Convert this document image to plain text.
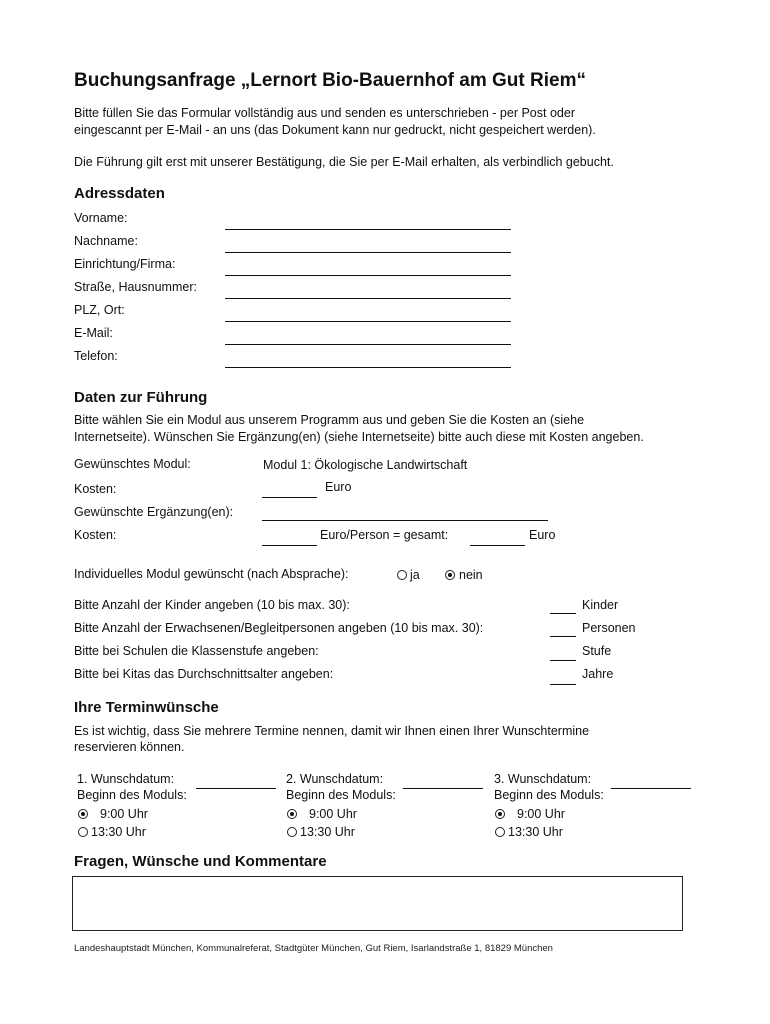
Buchungsanfrage „Lernort Bio-Bauernhof am Gut Riem“
Bitte füllen Sie das Formular vollständig aus und senden es unterschrieben - per Post oder
eingescannt per E-Mail - an uns (das Dokument kann nur gedruckt, nicht gespeichert werden).
Die Führung gilt erst mit unserer Bestätigung, die Sie per E-Mail erhalten, als verbindlich gebucht.
Adressdaten
Vorname:
Nachname:
Einrichtung/Firma:
Straße, Hausnummer:
PLZ, Ort:
E-Mail:
Telefon:
Daten zur Führung
Bitte wählen Sie ein Modul aus unserem Programm aus und geben Sie die Kosten an (siehe
Internetseite). Wünschen Sie Ergänzung(en) (siehe Internetseite) bitte auch diese mit Kosten angeben.
Gewünschtes Modul:	Modul 1: Ökologische Landwirtschaft
Kosten:	Euro
Gewünschte Ergänzung(en):
Kosten:	Euro/Person = gesamt:	Euro
Individuelles Modul gewünscht (nach Absprache):	ja	nein
Bitte Anzahl der Kinder angeben (10 bis max. 30):	Kinder
Bitte Anzahl der Erwachsenen/Begleitpersonen angeben (10 bis max. 30):	Personen
Bitte bei Schulen die Klassenstufe angeben:	Stufe
Bitte bei Kitas das Durchschnittsalter angeben:	Jahre
Ihre Terminwünsche
Es ist wichtig, dass Sie mehrere Termine nennen, damit wir Ihnen einen Ihrer Wunschtermine
reservieren können.
1. Wunschdatum:
Beginn des Moduls:
9:00 Uhr
13:30 Uhr
2. Wunschdatum:
Beginn des Moduls:
9:00 Uhr
13:30 Uhr
3. Wunschdatum:
Beginn des Moduls:
9:00 Uhr
13:30 Uhr
Fragen, Wünsche und Kommentare
Landeshauptstadt München, Kommunalreferat, Stadtgüter München, Gut Riem, Isarlandstraße 1, 81829 München
